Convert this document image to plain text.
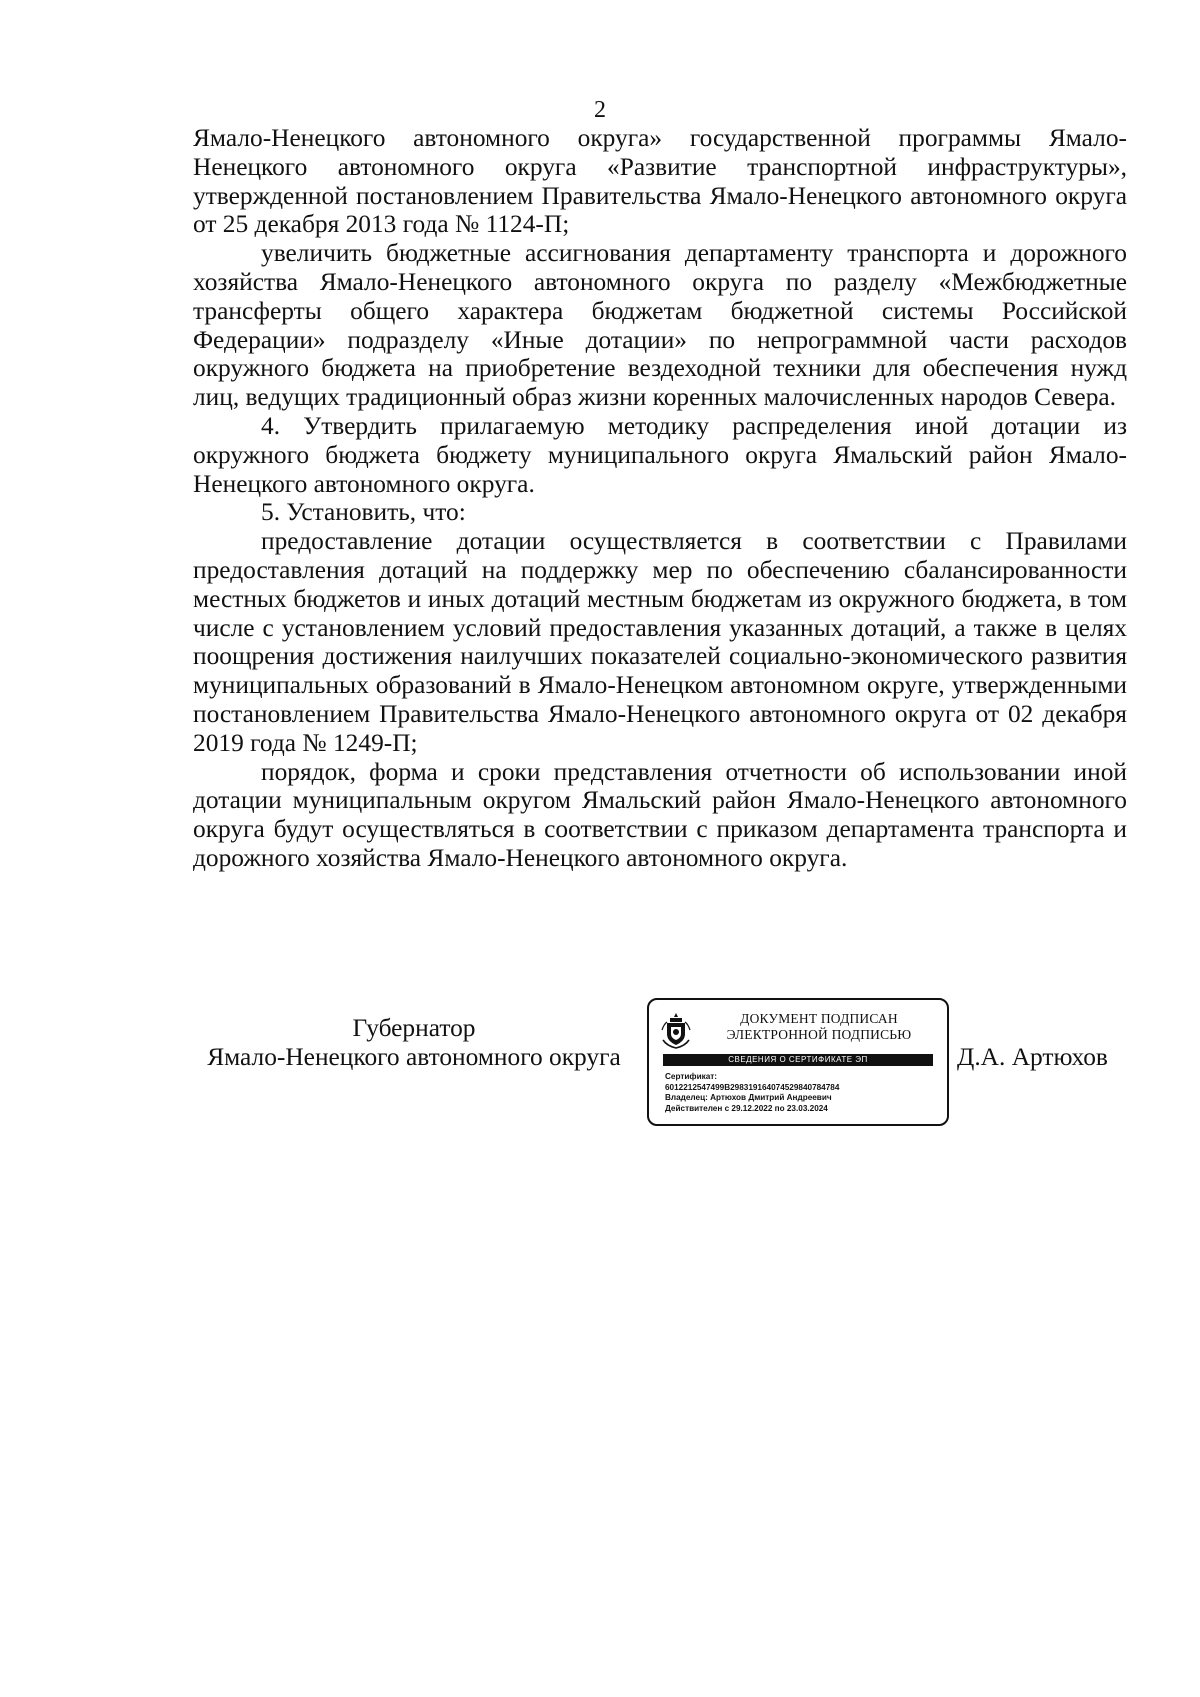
2

Ямало-Ненецкого автономного округа» государственной программы Ямало-Ненецкого автономного округа «Развитие транспортной инфраструктуры», утвержденной постановлением Правительства Ямало-Ненецкого автономного округа от 25 декабря 2013 года № 1124-П;

увеличить бюджетные ассигнования департаменту транспорта и дорожного хозяйства Ямало-Ненецкого автономного округа по разделу «Межбюджетные трансферты общего характера бюджетам бюджетной системы Российской Федерации» подразделу «Иные дотации» по непрограммной части расходов окружного бюджета на приобретение вездеходной техники для обеспечения нужд лиц, ведущих традиционный образ жизни коренных малочисленных народов Севера.

4. Утвердить прилагаемую методику распределения иной дотации из окружного бюджета бюджету муниципального округа Ямальский район Ямало-Ненецкого автономного округа.

5. Установить, что:

предоставление дотации осуществляется в соответствии с Правилами предоставления дотаций на поддержку мер по обеспечению сбалансированности местных бюджетов и иных дотаций местным бюджетам из окружного бюджета, в том числе с установлением условий предоставления указанных дотаций, а также в целях поощрения достижения наилучших показателей социально-экономического развития муниципальных образований в Ямало-Ненецком автономном округе, утвержденными постановлением Правительства Ямало-Ненецкого автономного округа от 02 декабря 2019 года № 1249-П;

порядок, форма и сроки представления отчетности об использовании иной дотации муниципальным округом Ямальский район Ямало-Ненецкого автономного округа будут осуществляться в соответствии с приказом департамента транспорта и дорожного хозяйства Ямало-Ненецкого автономного округа.

Губернатор
Ямало-Ненецкого автономного округа
ДОКУМЕНТ ПОДПИСАН
ЭЛЕКТРОННОЙ ПОДПИСЬЮ
СВЕДЕНИЯ О СЕРТИФИКАТЕ ЭП
Сертификат:
6012212547499B298319164074529840784784
Владелец: Артюхов Дмитрий Андреевич
Действителен с 29.12.2022 по 23.03.2024
Д.А. Артюхов
